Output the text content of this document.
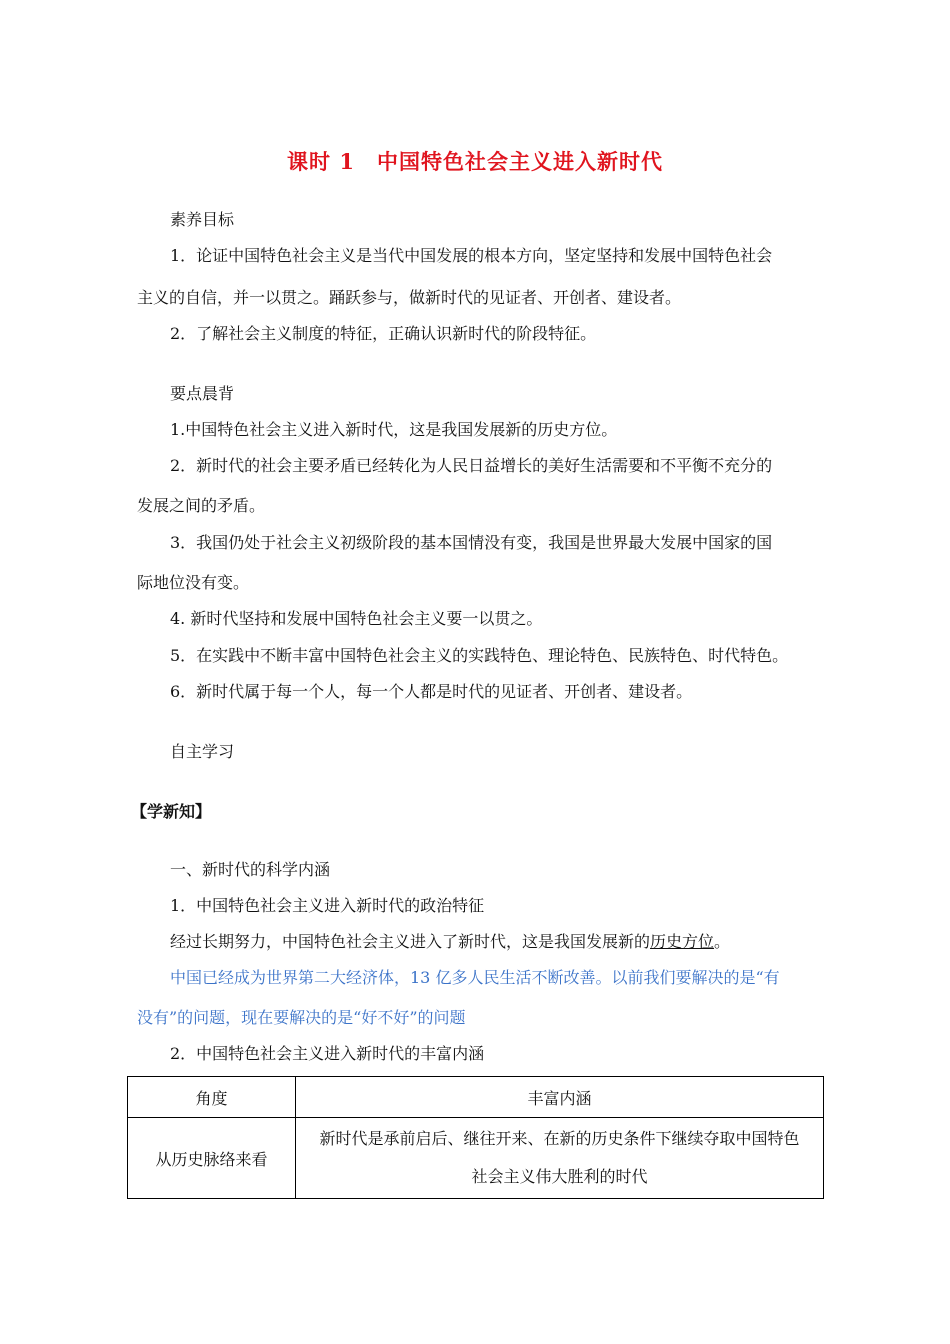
课时 1　中国特色社会主义进入新时代
素养目标
1．论证中国特色社会主义是当代中国发展的根本方向，坚定坚持和发展中国特色社会
主义的自信，并一以贯之。踊跃参与，做新时代的见证者、开创者、建设者。
2．了解社会主义制度的特征，正确认识新时代的阶段特征。
要点晨背
1.中国特色社会主义进入新时代，这是我国发展新的历史方位。
2．新时代的社会主要矛盾已经转化为人民日益增长的美好生活需要和不平衡不充分的
发展之间的矛盾。
3．我国仍处于社会主义初级阶段的基本国情没有变，我国是世界最大发展中国家的国
际地位没有变。
4. 新时代坚持和发展中国特色社会主义要一以贯之。
5．在实践中不断丰富中国特色社会主义的实践特色、理论特色、民族特色、时代特色。
6．新时代属于每一个人，每一个人都是时代的见证者、开创者、建设者。
自主学习
【学新知】
一、新时代的科学内涵
1．中国特色社会主义进入新时代的政治特征
经过长期努力，中国特色社会主义进入了新时代，这是我国发展新的历史方位。
中国已经成为世界第二大经济体，13 亿多人民生活不断改善。以前我们要解决的是“有
没有”的问题，现在要解决的是“好不好”的问题
2．中国特色社会主义进入新时代的丰富内涵
角度	丰富内涵
从历史脉络来看	新时代是承前启后、继往开来、在新的历史条件下继续夺取中国特色
社会主义伟大胜利的时代
